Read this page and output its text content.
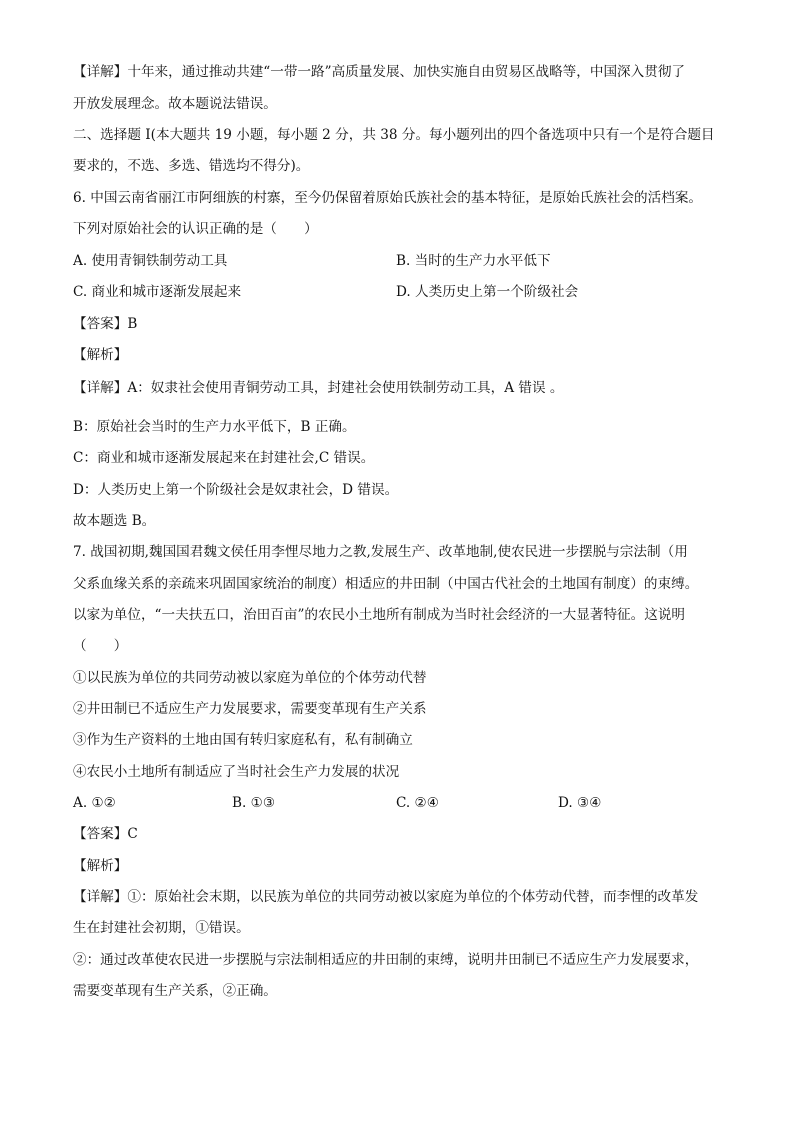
【详解】十年来，通过推动共建“一带一路”高质量发展、加快实施自由贸易区战略等，中国深入贯彻了
开放发展理念。故本题说法错误。
二、选择题 I(本大题共 19 小题，每小题 2 分，共 38 分。每小题列出的四个备选项中只有一个是符合题目
要求的，不选、多选、错选均不得分)。
6. 中国云南省丽江市阿细族的村寨，至今仍保留着原始氏族社会的基本特征，是原始氏族社会的活档案。
下列对原始社会的认识正确的是（　　）
A. 使用青铜铁制劳动工具	B. 当时的生产力水平低下
C. 商业和城市逐渐发展起来	D. 人类历史上第一个阶级社会
【答案】B
【解析】
【详解】A：奴隶社会使用青铜劳动工具，封建社会使用铁制劳动工具，A 错误 。
B：原始社会当时的生产力水平低下，B 正确。
C：商业和城市逐渐发展起来在封建社会,C 错误。
D：人类历史上第一个阶级社会是奴隶社会，D 错误。
故本题选 B。
7. 战国初期,魏国国君魏文侯任用李悝尽地力之教,发展生产、改革地制,使农民进一步摆脱与宗法制（用
父系血缘关系的亲疏来巩固国家统治的制度）相适应的井田制（中国古代社会的土地国有制度）的束缚。
以家为单位，“一夫扶五口，治田百亩”的农民小土地所有制成为当时社会经济的一大显著特征。这说明
（　　）
①以民族为单位的共同劳动被以家庭为单位的个体劳动代替
②井田制已不适应生产力发展要求，需要变革现有生产关系
③作为生产资料的土地由国有转归家庭私有，私有制确立
④农民小土地所有制适应了当时社会生产力发展的状况
A. ①②	B. ①③	C. ②④	D. ③④
【答案】C
【解析】
【详解】①：原始社会末期，以民族为单位的共同劳动被以家庭为单位的个体劳动代替，而李悝的改革发
生在封建社会初期，①错误。
②：通过改革使农民进一步摆脱与宗法制相适应的井田制的束缚，说明井田制已不适应生产力发展要求，
需要变革现有生产关系，②正确。
